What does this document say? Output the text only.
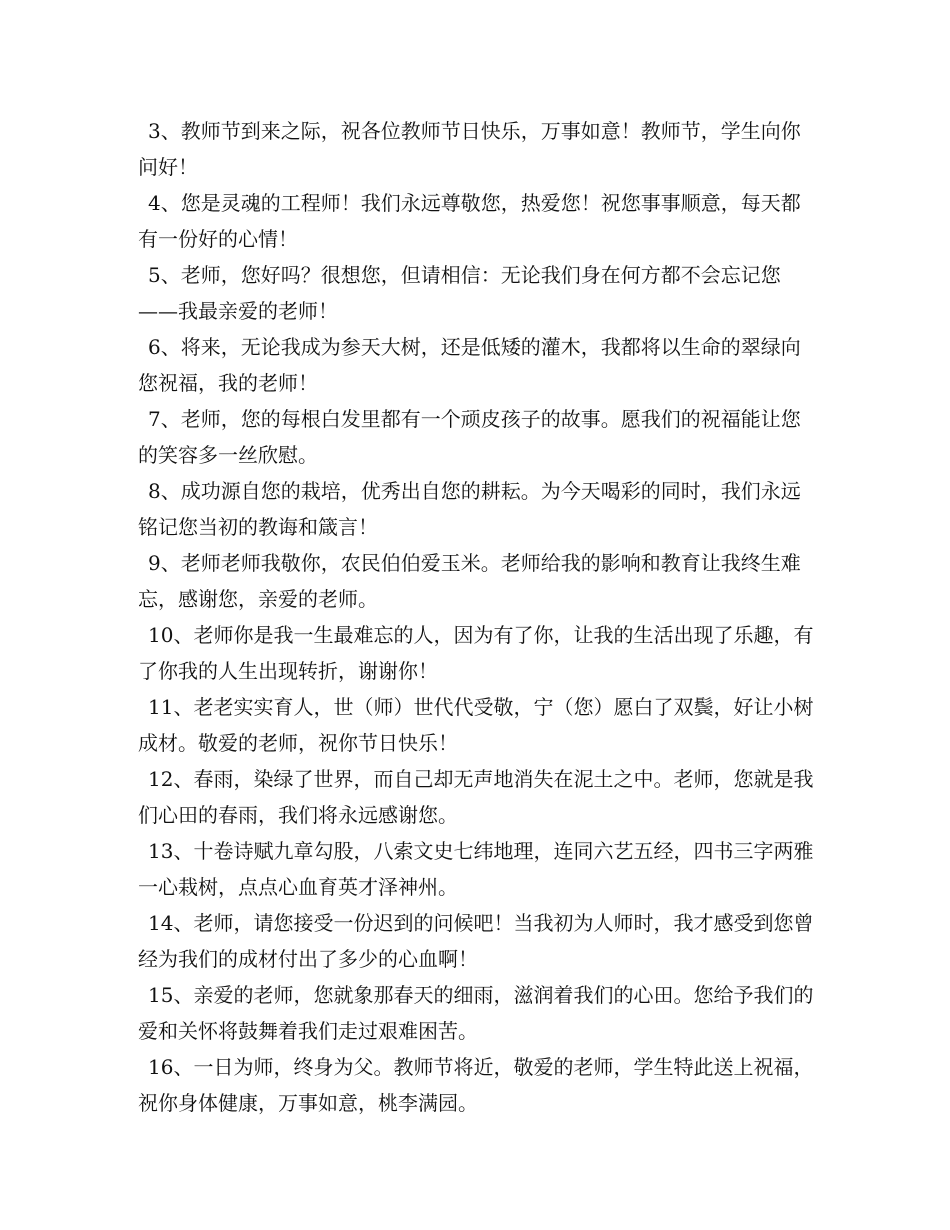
3、教师节到来之际，祝各位教师节日快乐，万事如意！教师节，学生向你问好！

4、您是灵魂的工程师！我们永远尊敬您，热爱您！祝您事事顺意，每天都有一份好的心情！

5、老师，您好吗？很想您，但请相信：无论我们身在何方都不会忘记您——我最亲爱的老师！

6、将来，无论我成为参天大树，还是低矮的灌木，我都将以生命的翠绿向您祝福，我的老师！

7、老师，您的每根白发里都有一个顽皮孩子的故事。愿我们的祝福能让您的笑容多一丝欣慰。

8、成功源自您的栽培，优秀出自您的耕耘。为今天喝彩的同时，我们永远铭记您当初的教诲和箴言！

9、老师老师我敬你，农民伯伯爱玉米。老师给我的影响和教育让我终生难忘，感谢您，亲爱的老师。

10、老师你是我一生最难忘的人，因为有了你，让我的生活出现了乐趣，有了你我的人生出现转折，谢谢你！

11、老老实实育人，世（师）世代代受敬，宁（您）愿白了双鬓，好让小树成材。敬爱的老师，祝你节日快乐！

12、春雨，染绿了世界，而自己却无声地消失在泥土之中。老师，您就是我们心田的春雨，我们将永远感谢您。

13、十卷诗赋九章勾股，八索文史七纬地理，连同六艺五经，四书三字两雅一心栽树，点点心血育英才泽神州。

14、老师，请您接受一份迟到的问候吧！当我初为人师时，我才感受到您曾经为我们的成材付出了多少的心血啊！

15、亲爱的老师，您就象那春天的细雨，滋润着我们的心田。您给予我们的爱和关怀将鼓舞着我们走过艰难困苦。

16、一日为师，终身为父。教师节将近，敬爱的老师，学生特此送上祝福，祝你身体健康，万事如意，桃李满园。
